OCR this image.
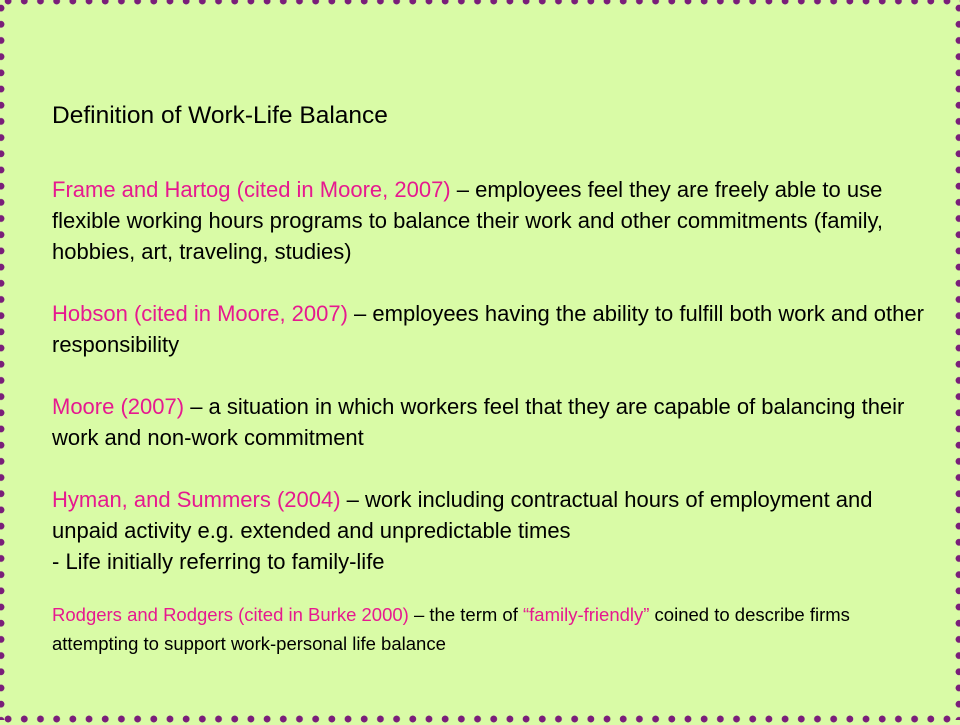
Definition of Work-Life Balance

Frame and Hartog (cited in Moore, 2007) – employees feel they are freely able to use flexible working hours programs to balance their work and other commitments (family, hobbies, art, traveling, studies)

Hobson (cited in Moore, 2007) – employees having the ability to fulfill both work and other responsibility

Moore (2007) – a situation in which workers feel that they are capable of balancing their work and non-work commitment

Hyman, and Summers (2004) – work including contractual hours of employment and unpaid activity e.g. extended and unpredictable times
- Life initially referring to family-life

Rodgers and Rodgers (cited in Burke 2000) – the term of “family-friendly” coined to describe firms attempting to support work-personal life balance
